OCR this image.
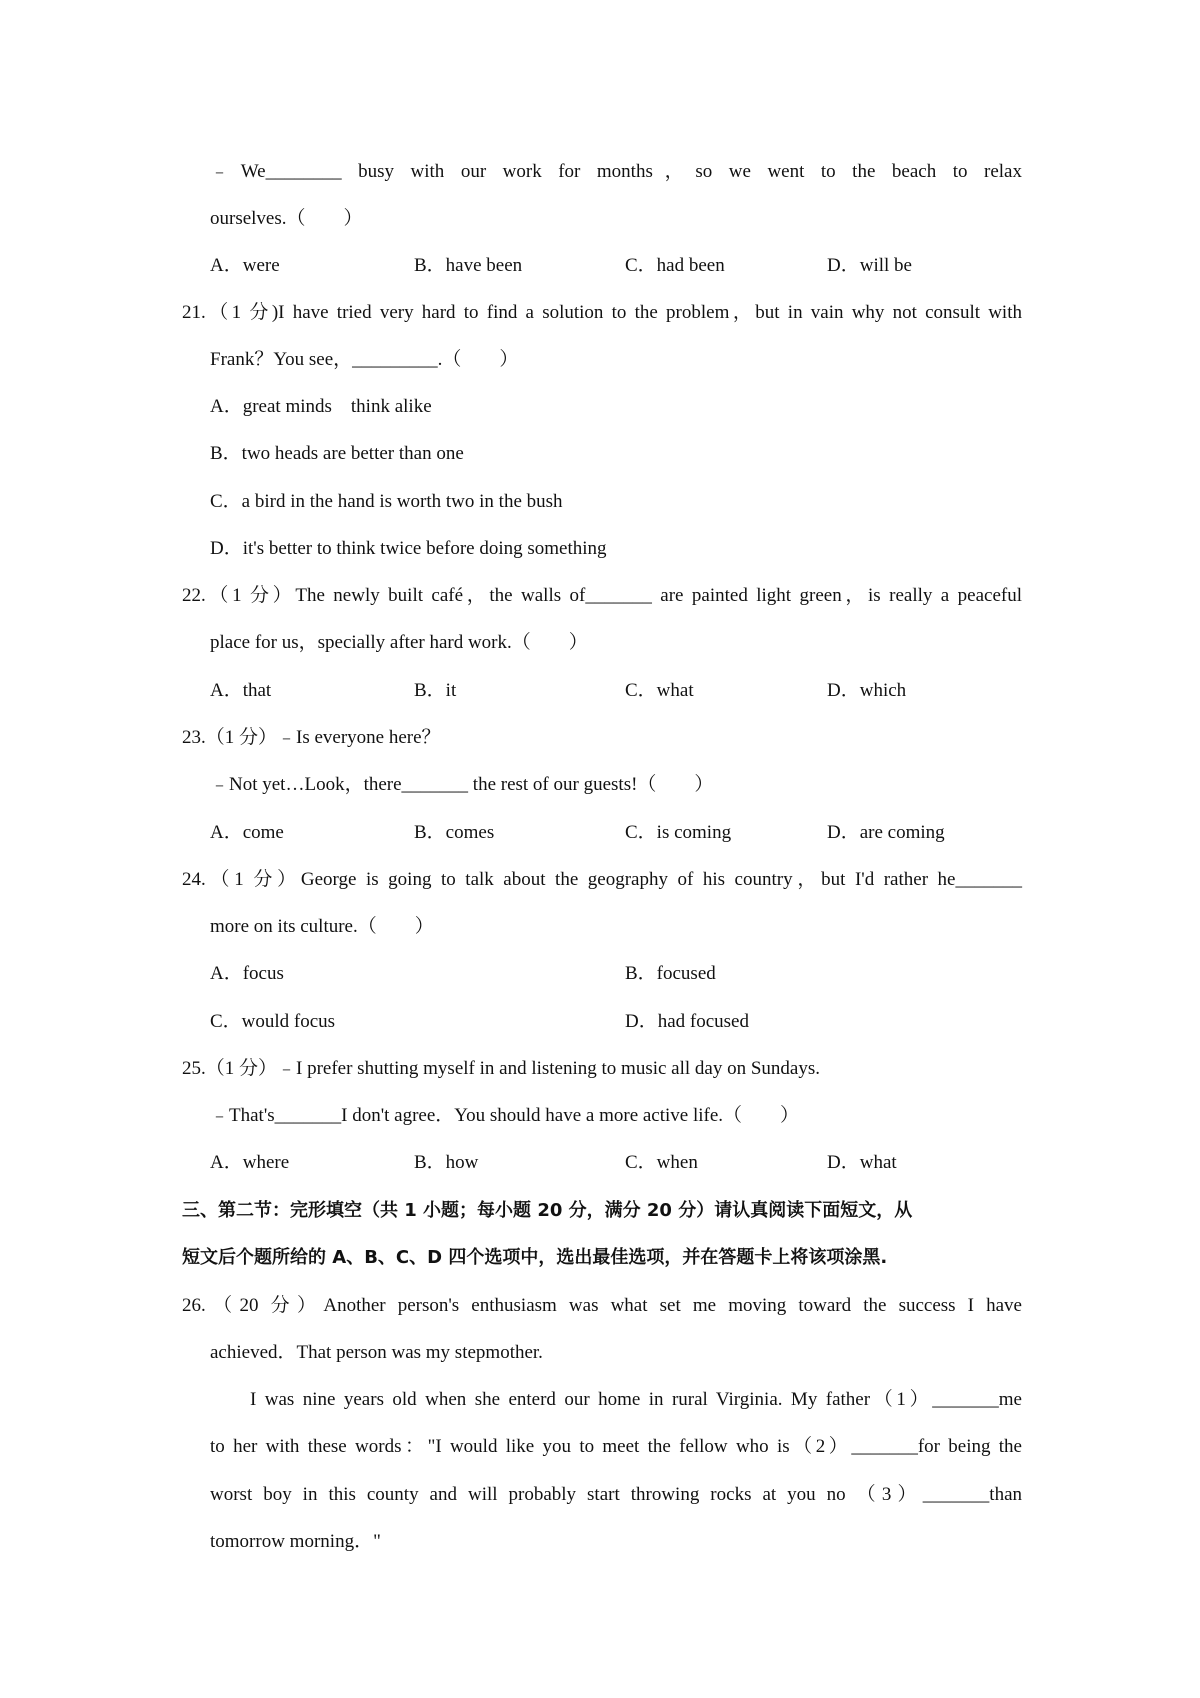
﹣We________ busy with our work for months，so we went to the beach to relax
ourselves.（　　）
A．were	B．have been	C．had been	D．will be
21.（1 分)I have tried very hard to find a solution to the problem，but in vain why not consult with
Frank？You see，_________.（　　）
A．great minds　think alike
B．two heads are better than one
C．a bird in the hand is worth two in the bush
D．it's better to think twice before doing something
22.（1 分）The newly built café，the walls of_______ are painted light green，is really a peaceful
place for us，specially after hard work.（　　）
A．that	B．it	C．what	D．which
23.（1 分）﹣Is everyone here？
﹣Not yet…Look，there_______ the rest of our guests!（　　）
A．come	B．comes	C．is coming	D．are coming
24.（1 分）George is going to talk about the geography of his country，but I'd rather he_______
more on its culture.（　　）
A．focus	B．focused
C．would focus	D．had focused
25.（1 分）﹣I prefer shutting myself in and listening to music all day on Sundays.
﹣That's_______I don't agree．You should have a more active life.（　　）
A．where	B．how	C．when	D．what
三、第二节：完形填空（共 1 小题；每小题 20 分，满分 20 分）请认真阅读下面短文，从
短文后个题所给的 A、B、C、D 四个选项中，选出最佳选项，并在答题卡上将该项涂黑.
26.（20 分）Another person's enthusiasm was what set me moving toward the success I have
achieved．That person was my stepmother.
I was nine years old when she enterd our home in rural Virginia. My father（1）_______me
to her with these words："I would like you to meet the fellow who is（2）_______for being the
worst boy in this county and will probably start throwing rocks at you no （3）_______than
tomorrow morning．"
